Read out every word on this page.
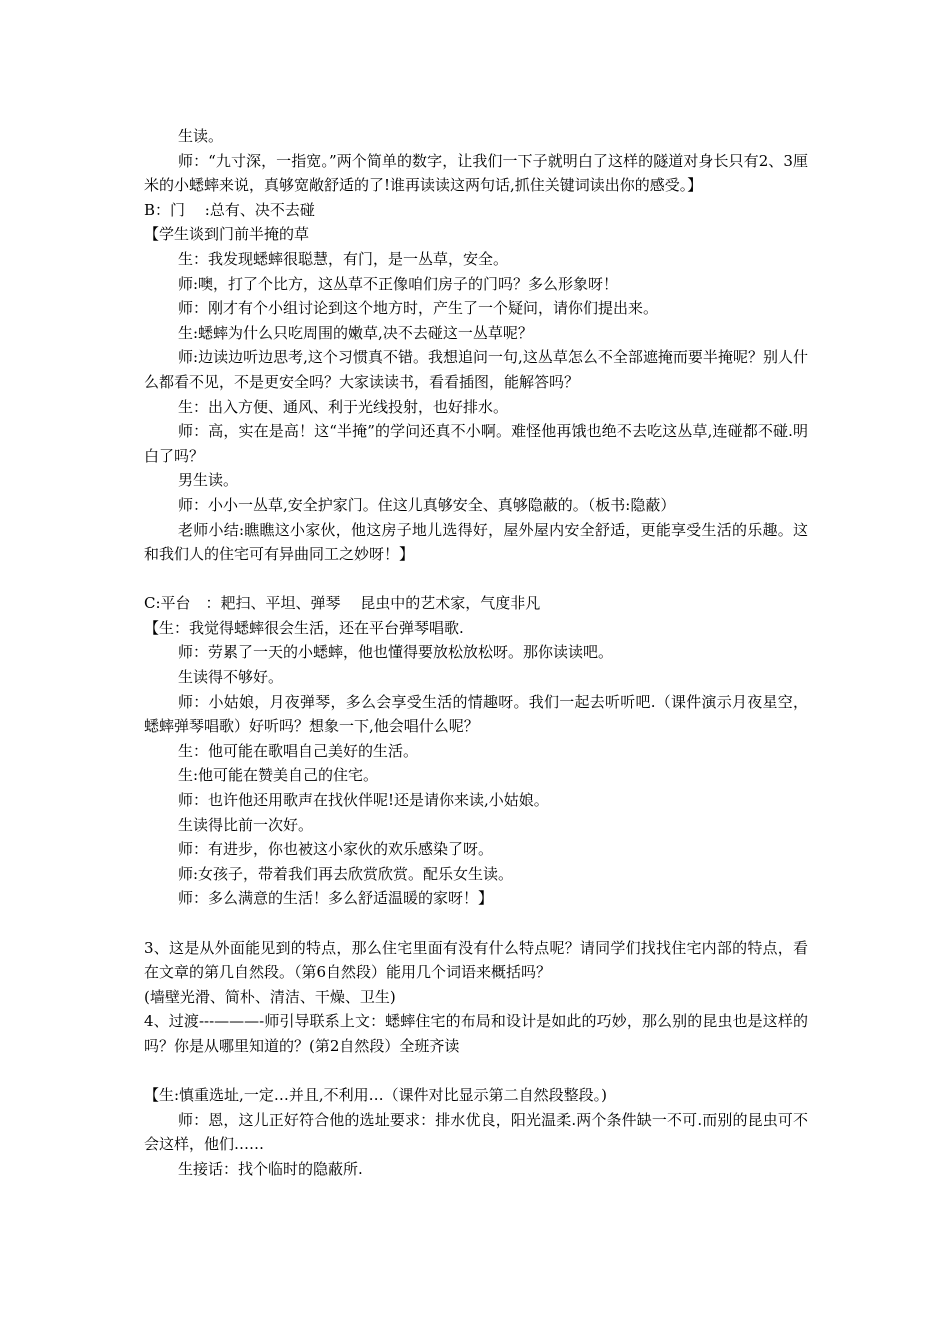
生读。

师：“九寸深，一指宽。”两个简单的数字，让我们一下子就明白了这样的隧道对身长只有2、3厘米的小蟋蟀来说，真够宽敞舒适的了!谁再读读这两句话,抓住关键词读出你的感受。】

B：门　 :总有、决不去碰

【学生谈到门前半掩的草

生：我发现蟋蟀很聪慧，有门，是一丛草，安全。

师:噢，打了个比方，这丛草不正像咱们房子的门吗？多么形象呀！

师：刚才有个小组讨论到这个地方时，产生了一个疑问，请你们提出来。

生:蟋蟀为什么只吃周围的嫩草,决不去碰这一丛草呢？

师:边读边听边思考,这个习惯真不错。我想追问一句,这丛草怎么不全部遮掩而要半掩呢？别人什么都看不见，不是更安全吗？大家读读书，看看插图，能解答吗？

生：出入方便、通风、利于光线投射，也好排水。

师：高，实在是高！这“半掩”的学问还真不小啊。难怪他再饿也绝不去吃这丛草,连碰都不碰.明白了吗？

男生读。

师：小小一丛草,安全护家门。住这儿真够安全、真够隐蔽的。（板书:隐蔽）

老师小结:瞧瞧这小家伙，他这房子地儿选得好，屋外屋内安全舒适，更能享受生活的乐趣。这和我们人的住宅可有异曲同工之妙呀！】

C:平台　：耙扫、平坦、弹琴　 昆虫中的艺术家，气度非凡

【生：我觉得蟋蟀很会生活，还在平台弹琴唱歌.

师：劳累了一天的小蟋蟀，他也懂得要放松放松呀。那你读读吧。

生读得不够好。

师：小姑娘，月夜弹琴，多么会享受生活的情趣呀。我们一起去听听吧.（课件演示月夜星空，蟋蟀弹琴唱歌）好听吗？想象一下,他会唱什么呢？

生：他可能在歌唱自己美好的生活。

生:他可能在赞美自己的住宅。

师：也许他还用歌声在找伙伴呢!还是请你来读,小姑娘。

生读得比前一次好。

师：有进步，你也被这小家伙的欢乐感染了呀。

师:女孩子，带着我们再去欣赏欣赏。配乐女生读。

师：多么满意的生活！多么舒适温暖的家呀！】

3、这是从外面能见到的特点，那么住宅里面有没有什么特点呢？请同学们找找住宅内部的特点，看在文章的第几自然段。（第6自然段）能用几个词语来概括吗？

(墙壁光滑、简朴、清洁、干燥、卫生)

4、过渡---———-师引导联系上文：蟋蟀住宅的布局和设计是如此的巧妙，那么别的昆虫也是这样的吗？你是从哪里知道的？(第2自然段）全班齐读

【生:慎重选址,一定…并且,不利用…（课件对比显示第二自然段整段。)

师：恩，这儿正好符合他的选址要求：排水优良，阳光温柔.两个条件缺一不可.而别的昆虫可不会这样，他们……

生接话：找个临时的隐蔽所.
